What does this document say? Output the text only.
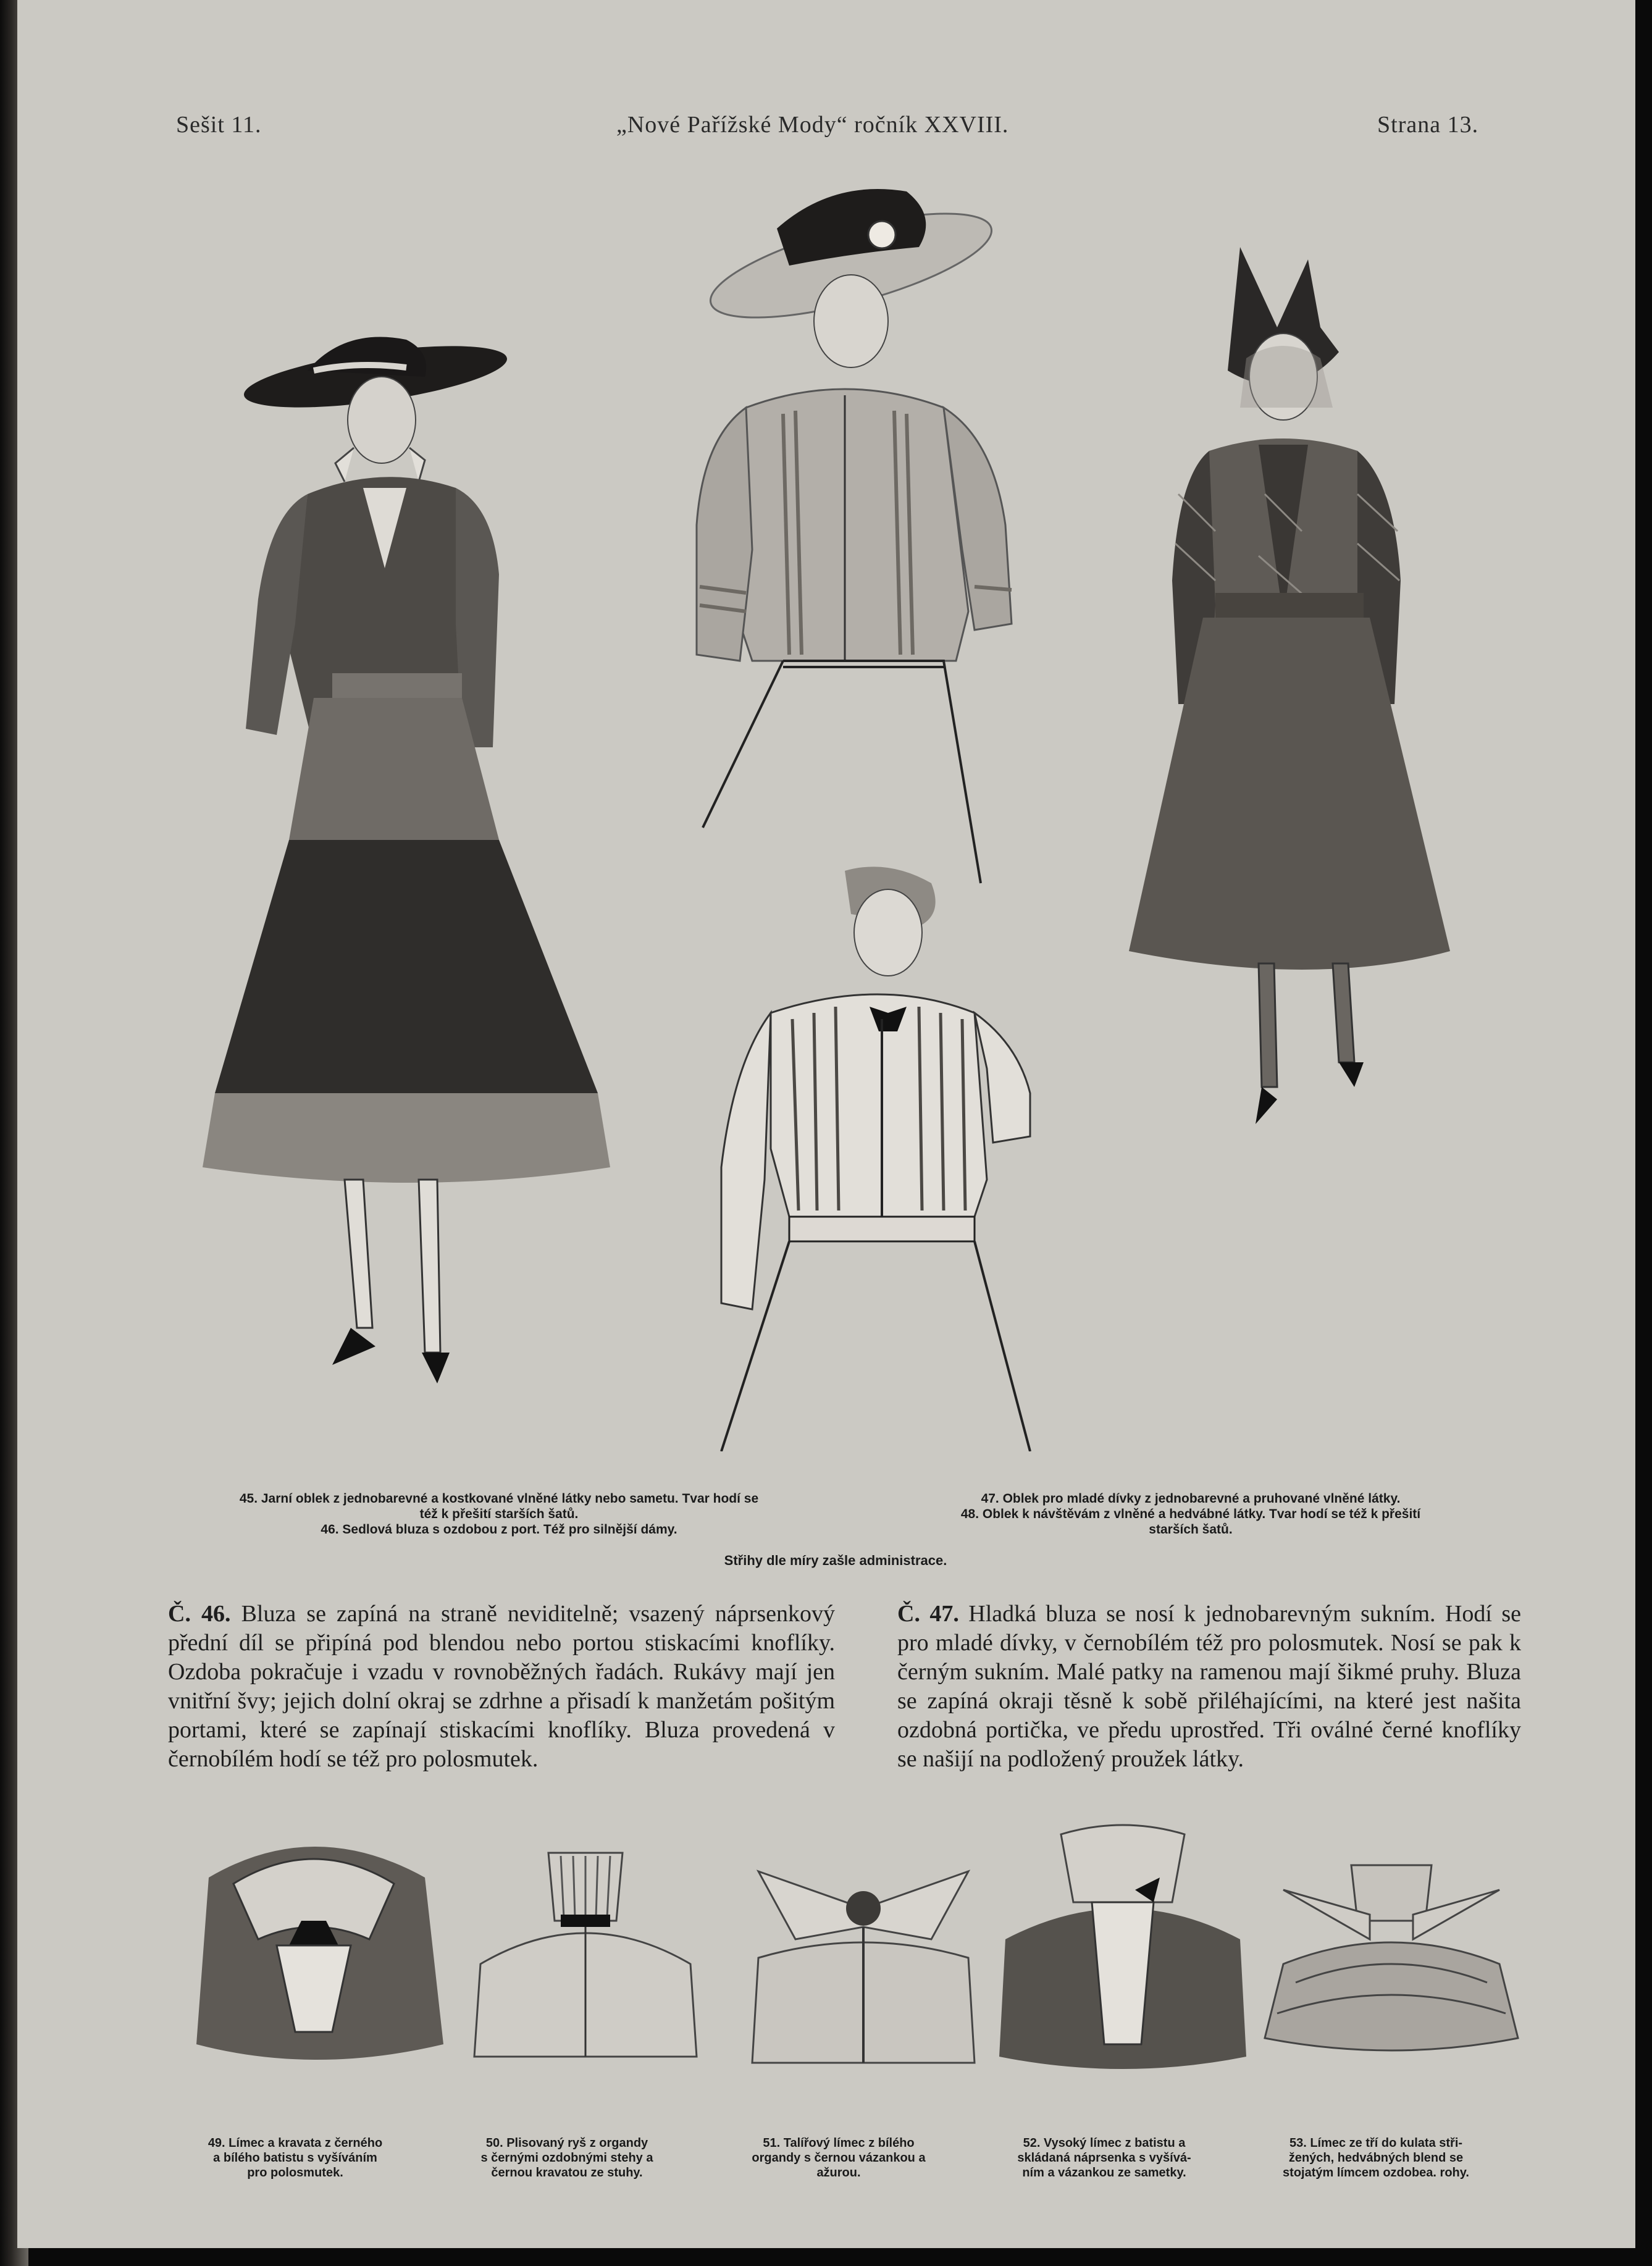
Sešit 11.	„Nové Pařížské Mody“ ročník XXVIII.	Strana 13.
45. Jarní oblek z jednobarevné a kostkované vlněné látky nebo sametu. Tvar hodí se
též k přešití starších šatů.
46. Sedlová bluza s ozdobou z port. Též pro silnější dámy.
47. Oblek pro mladé dívky z jednobarevné a pruhované vlněné látky.
48. Oblek k návštěvám z vlněné a hedvábné látky. Tvar hodí se též k přešití
starších šatů.
Střihy dle míry zašle administrace.

Č. 46. Bluza se zapíná na straně neviditelně; vsazený náprsenkový přední díl se připíná pod blendou nebo portou stiskacími knoflíky. Ozdoba pokračuje i vzadu v rovnoběžných řadách. Rukávy mají jen vnitřní švy; jejich dolní okraj se zdrhne a přisadí k manžetám pošitým portami, které se zapínají stiskacími knoflíky. Bluza provedená v černobílém hodí se též pro polosmutek.

Č. 47. Hladká bluza se nosí k jednobarevným sukním. Hodí se pro mladé dívky, v černobílém též pro polosmutek. Nosí se pak k černým sukním. Malé patky na ramenou mají šikmé pruhy. Bluza se zapíná okraji těsně k sobě přiléhajícími, na které jest našita ozdobná portička, ve předu uprostřed. Tři oválné černé knoflíky se našijí na podložený proužek látky.

49. Límec a kravata z černého
a bílého batistu s vyšíváním
pro polosmutek.
50. Plisovaný ryš z organdy
s černými ozdobnými stehy a
černou kravatou ze stuhy.
51. Talířový límec z bílého
organdy s černou vázankou a
ažurou.
52. Vysoký límec z batistu a
skládaná náprsenka s vyšívá-
ním a vázankou ze sametky.
53. Límec ze tří do kulata stři-
žených, hedvábných blend se
stojatým límcem ozdobea. rohy.
